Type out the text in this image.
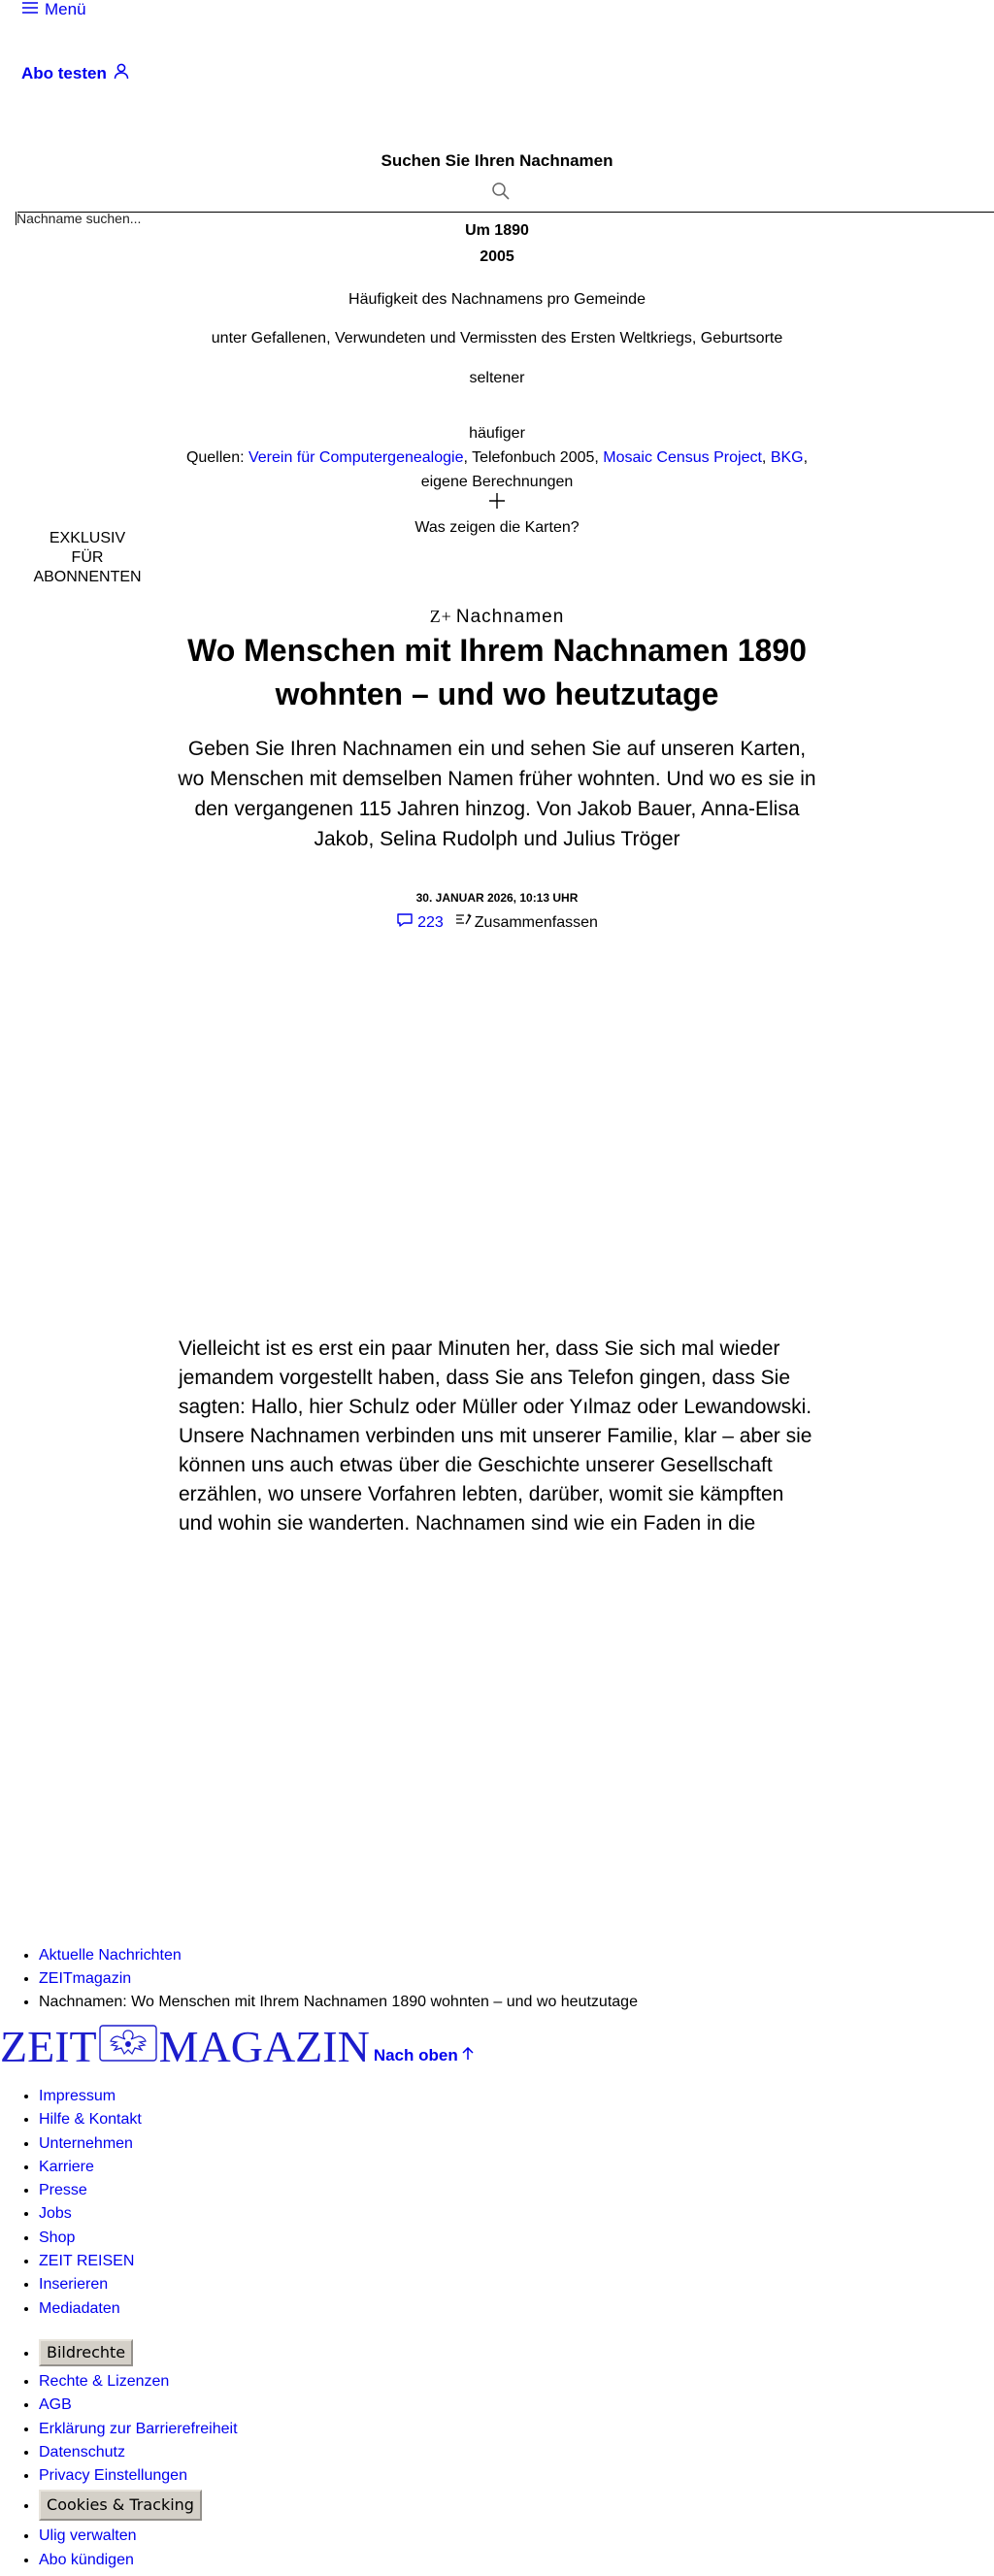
Menü
Abo testen
Suchen Sie Ihren Nachnamen
Nachname suchen...
Um 1890
2005
Häufigkeit des Nachnamens pro Gemeinde
unter Gefallenen, Verwundeten und Vermissten des Ersten Weltkriegs, Geburtsorte
seltener
häufiger
Quellen: Verein für Computergenealogie, Telefonbuch 2005, Mosaic Census Project, BKG, eigene Berechnungen
Was zeigen die Karten?
EXKLUSIV
FÜR
ABONNENTEN
Z+ Nachnamen
Wo Menschen mit Ihrem Nachnamen 1890 wohnten – und wo heutzutage
Geben Sie Ihren Nachnamen ein und sehen Sie auf unseren Karten, wo Menschen mit demselben Namen früher wohnten. Und wo es sie in den vergangenen 115 Jahren hinzog. Von Jakob Bauer, Anna-Elisa Jakob, Selina Rudolph und Julius Tröger
30. JANUAR 2026, 10:13 UHR
223 Zusammenfassen
Vielleicht ist es erst ein paar Minuten her, dass Sie sich mal wieder jemandem vorgestellt haben, dass Sie ans Telefon gingen, dass Sie sagten: Hallo, hier Schulz oder Müller oder Yılmaz oder Lewandowski. Unsere Nachnamen verbinden uns mit unserer Familie, klar – aber sie können uns auch etwas über die Geschichte unserer Gesellschaft erzählen, wo unsere Vorfahren lebten, darüber, womit sie kämpften und wohin sie wanderten. Nachnamen sind wie ein Faden in die
• Aktuelle Nachrichten
• ZEITmagazin
• Nachnamen: Wo Menschen mit Ihrem Nachnamen 1890 wohnten – und wo heutzutage
ZEIT MAGAZIN Nach oben
• Impressum
• Hilfe & Kontakt
• Unternehmen
• Karriere
• Presse
• Jobs
• Shop
• ZEIT REISEN
• Inserieren
• Mediadaten
• Bildrechte
• Rechte & Lizenzen
• AGB
• Erklärung zur Barrierefreiheit
• Datenschutz
• Privacy Einstellungen
• Cookies & Tracking
• Ulig verwalten
• Abo kündigen
